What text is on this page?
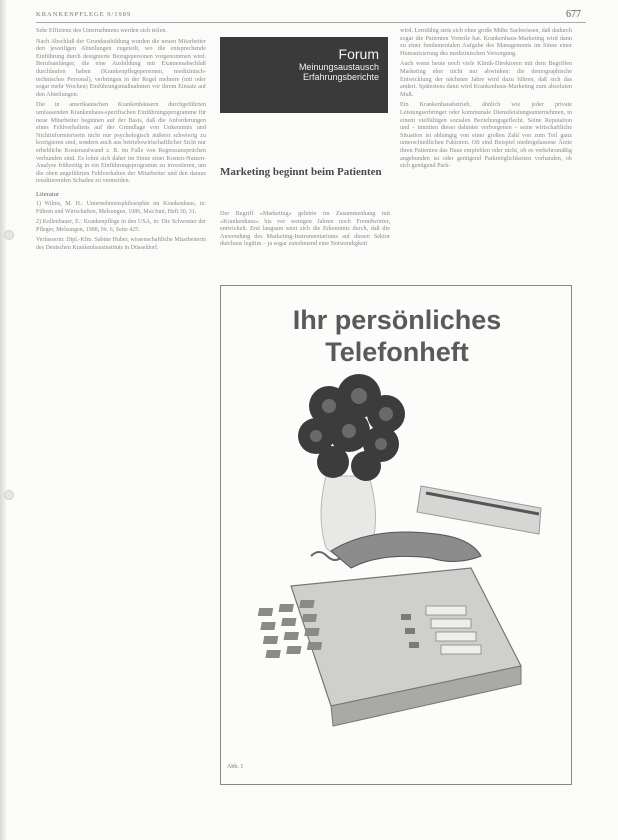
KRANKENPFLEGE 9/1989	677

Sehr Effizienz des Unternehmens werden sich teilen.

Nach Abschluß der Grundausbildung wurden die neuen Mitarbeiter den jeweiligen Abteilungen zugeteilt, wo die entsprechende Einführung durch designierte Bezugspersonen vorgenommen wird. Berufsanfänger, die eine Ausbildung mit Examensabschluß durchlaufen haben (Krankenpflegepersonen, medizinisch-technisches Personal), verbringen in der Regel mehrere (mit oder sogar mehr Wochen) Einführungsmaßnahmen vor ihrem Einsatz auf den Abteilungen.

Die in amerikanischen Krankenhäusern durchgeführten umfassenden Krankenhaus-spezifischen Einführungsprogramme für neue Mitarbeiter beginnen auf der Basis, daß die Anforderungen eines Fehlverhaltens auf der Grundlage von Unkenntnis und Nichtinformiertsein nicht nur psychologisch äußerst schwierig zu korrigieren sind, sondern auch aus betriebswirtschaftlicher Sicht nur erhebliche Kostenaufwand z. B. im Falle von Regressansprüchen verbunden sind. Es lohnt sich daher im Sinne einer Kosten-Nutzen-Analyse frühzeitig in ein Einführungsprogramm zu investieren, um die oben angeführten Fehlverhalten der Mitarbeiter und den daraus resultierenden Schaden zu vermeiden.

Literatur
1) Wilms, M. H.: Unternehmensphilosophie im Krankenhaus, in: Führen und Wirtschaften, Melsungen, 1986, Mai/Juni, Heft 30, 31.
2) Kellenbauer, E.: Krankenpflege in den USA, in: Die Schwester der Pfleger, Melsungen, 1988, Nr. 6, Seite 425.
Verfasserin: Dipl.-Kfm. Sabine Huber, wissenschaftliche Mitarbeiterin des Deutschen Krankenhausinstituts in Düsseldorf.
Forum
Meinungsaustausch
Erfahrungsberichte
Marketing beginnt beim Patienten

Der Begriff »Marketing« gehörte im Zusammenhang mit »Krankenhaus« bis vor wenigen Jahren noch Fremdwörter, entwickelt. Erst langsam setzt sich die Erkenntnis durch, daß die Anwendung des Marketing-Instrumentariums auf diesen Sektor durchaus legitim – ja sogar zunehmend eine Notwendigkeit

wird. Lernfähig stets sich ohne große Mühe Sachwissen, daß dadurch sogar die Patienten Vorteile hat. Krankenhaus-Marketing wird dann zu einer fundamentalen Aufgabe des Managements im Sinne einer Humanisierung des medizinischen Versorgung.

Auch wenn heute noch viele Klinik-Direktoren mit dem Begriffen Marketing eher nicht nur abwinken: die demographische Entwicklung der nächsten Jahre wird dazu führen, daß sich das andert. Spätestens dann wird Krankenhaus-Marketing zum absoluten Muß.

Ein Krankenhausbetrieb, ähnlich wie jeder private Leistungserbringer oder kommunale Dienstleistungsunternehmen, in einem vielfältigen sozialen Beziehungsgeflecht. Seine Reputation und – inmitten dieser dahinter verborgenen – seine wirtschaftliche Situation ist abhängig von einer großen Zahl von zum Teil ganz unterschiedlichen Faktoren. Oft sind Beispiel niedergelassene Ärzte ihren Patienten das Haus empfehlen oder nicht, ob es verkehrsmäßig angebunden ist oder genügend Parkmöglichkeiten vorhanden, ob sich genügend Park-

Ihr persönliches
Telefonheft
Abb. 1
